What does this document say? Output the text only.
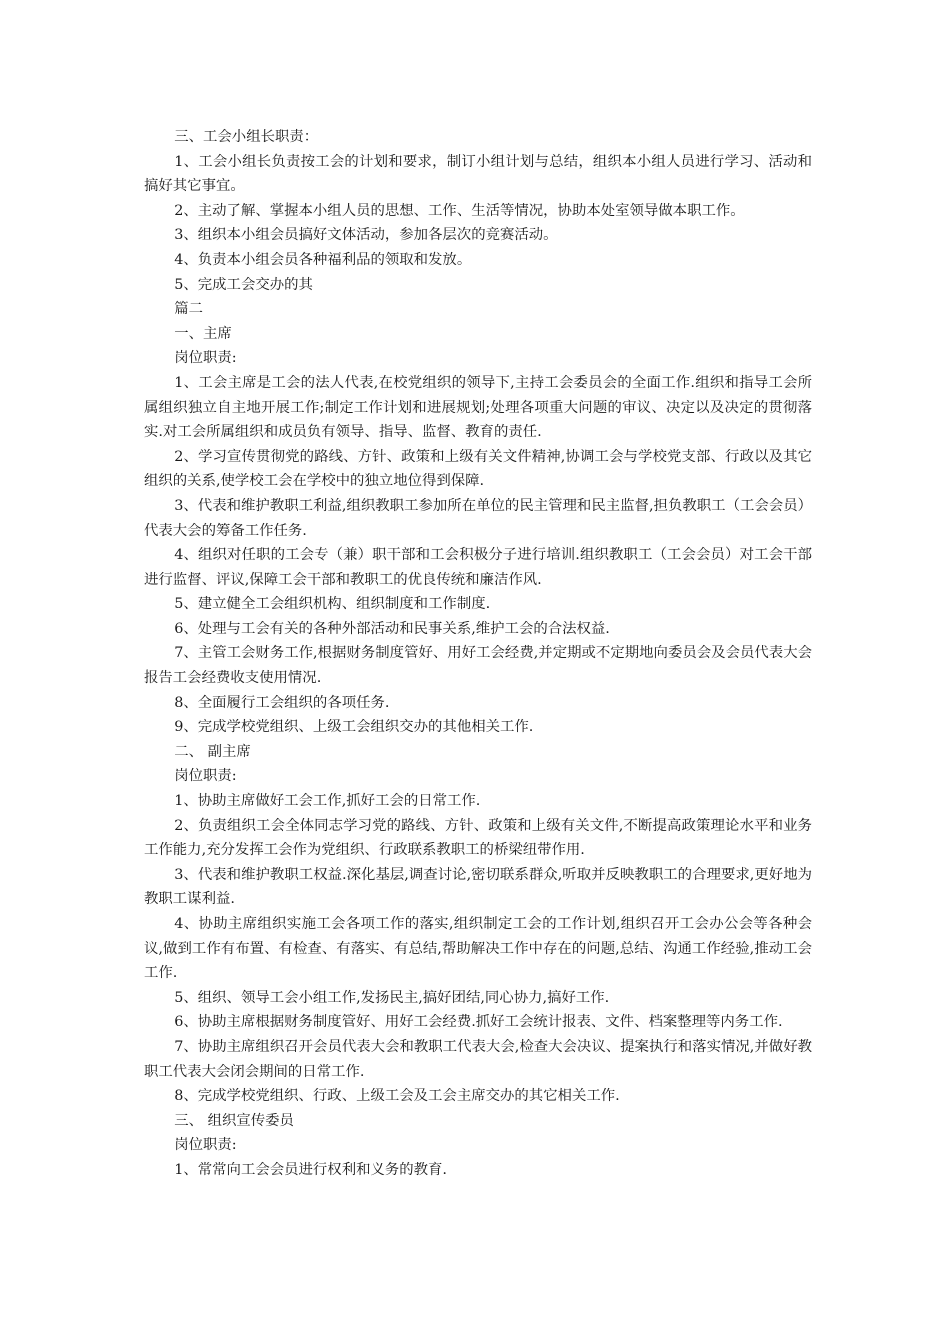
三、工会小组长职责：

1、工会小组长负责按工会的计划和要求，制订小组计划与总结，组织本小组人员进行学习、活动和搞好其它事宜。

2、主动了解、掌握本小组人员的思想、工作、生活等情况，协助本处室领导做本职工作。

3、组织本小组会员搞好文体活动，参加各层次的竞赛活动。

4、负责本小组会员各种福利品的领取和发放。

5、完成工会交办的其

篇二

一、主席

岗位职责:

1、工会主席是工会的法人代表,在校党组织的领导下,主持工会委员会的全面工作.组织和指导工会所属组织独立自主地开展工作;制定工作计划和进展规划;处理各项重大问题的审议、决定以及决定的贯彻落实.对工会所属组织和成员负有领导、指导、监督、教育的责任.

2、学习宣传贯彻党的路线、方针、政策和上级有关文件精神,协调工会与学校党支部、行政以及其它组织的关系,使学校工会在学校中的独立地位得到保障.

3、代表和维护教职工利益,组织教职工参加所在单位的民主管理和民主监督,担负教职工（工会会员）代表大会的筹备工作任务.

4、组织对任职的工会专（兼）职干部和工会积极分子进行培训.组织教职工（工会会员）对工会干部进行监督、评议,保障工会干部和教职工的优良传统和廉洁作风.

5、建立健全工会组织机构、组织制度和工作制度.

6、处理与工会有关的各种外部活动和民事关系,维护工会的合法权益.

7、主管工会财务工作,根据财务制度管好、用好工会经费,并定期或不定期地向委员会及会员代表大会报告工会经费收支使用情况.

8、全面履行工会组织的各项任务.

9、完成学校党组织、上级工会组织交办的其他相关工作.

二、 副主席

岗位职责:

1、协助主席做好工会工作,抓好工会的日常工作.

2、负责组织工会全体同志学习党的路线、方针、政策和上级有关文件,不断提高政策理论水平和业务工作能力,充分发挥工会作为党组织、行政联系教职工的桥梁纽带作用.

3、代表和维护教职工权益.深化基层,调查讨论,密切联系群众,听取并反映教职工的合理要求,更好地为教职工谋利益.

4、协助主席组织实施工会各项工作的落实,组织制定工会的工作计划,组织召开工会办公会等各种会议,做到工作有布置、有检查、有落实、有总结,帮助解决工作中存在的问题,总结、沟通工作经验,推动工会工作.

5、组织、领导工会小组工作,发扬民主,搞好团结,同心协力,搞好工作.

6、协助主席根据财务制度管好、用好工会经费.抓好工会统计报表、文件、档案整理等内务工作.

7、协助主席组织召开会员代表大会和教职工代表大会,检查大会决议、提案执行和落实情况,并做好教职工代表大会闭会期间的日常工作.

8、完成学校党组织、行政、上级工会及工会主席交办的其它相关工作.

三、 组织宣传委员

岗位职责:

1、常常向工会会员进行权利和义务的教育.
